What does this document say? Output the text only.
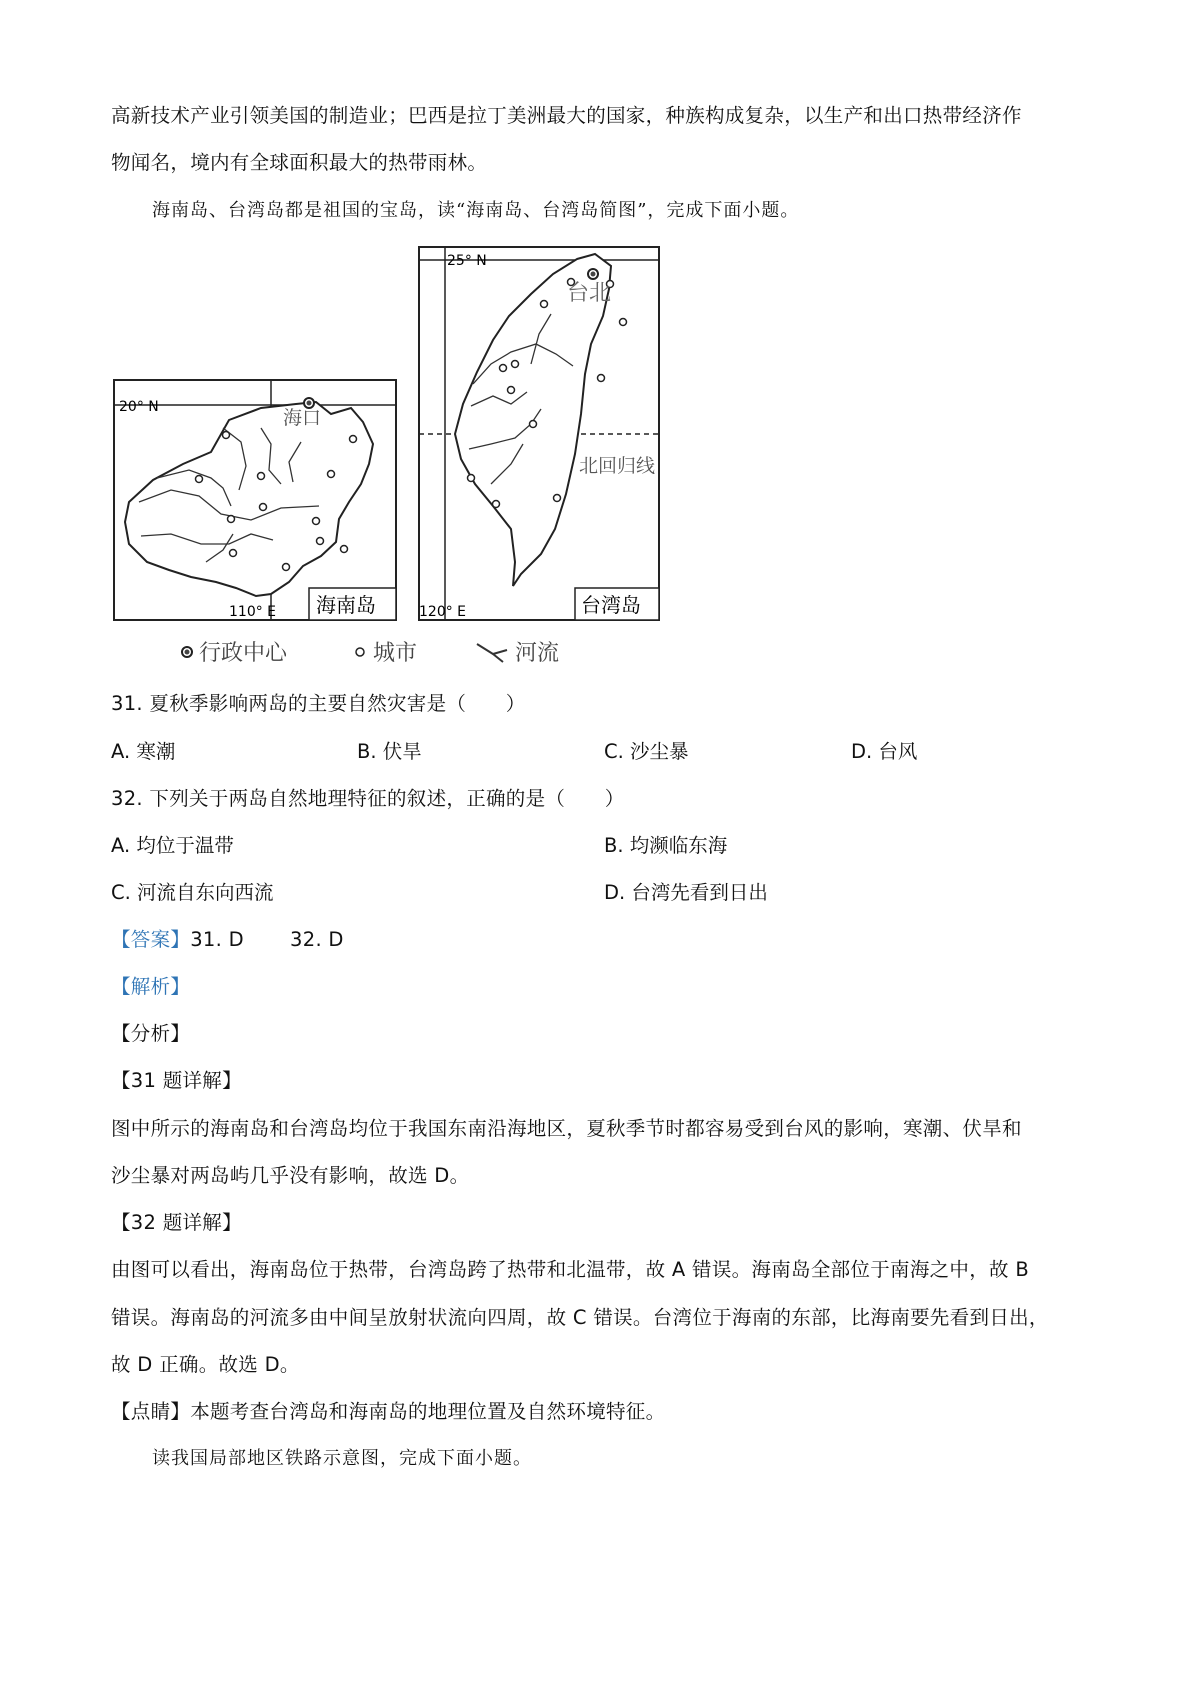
高新技术产业引领美国的制造业；巴西是拉丁美洲最大的国家，种族构成复杂，以生产和出口热带经济作
物闻名，境内有全球面积最大的热带雨林。
海南岛、台湾岛都是祖国的宝岛，读“海南岛、台湾岛简图”，完成下面小题。
20° N	海口
110° E 海南岛
25° N
台北
北回归线
120° E	台湾岛
行政中心	城市	河流
31. 夏秋季影响两岛的主要自然灾害是（　　）
A. 寒潮	B. 伏旱	C. 沙尘暴	D. 台风
32. 下列关于两岛自然地理特征的叙述，正确的是（　　）
A. 均位于温带	B. 均濒临东海
C. 河流自东向西流	D. 台湾先看到日出
【答案】31. D　　 32. D
【解析】
【分析】
【31 题详解】
图中所示的海南岛和台湾岛均位于我国东南沿海地区，夏秋季节时都容易受到台风的影响，寒潮、伏旱和
沙尘暴对两岛屿几乎没有影响，故选 D。
【32 题详解】
由图可以看出，海南岛位于热带，台湾岛跨了热带和北温带，故 A 错误。海南岛全部位于南海之中，故 B
错误。海南岛的河流多由中间呈放射状流向四周，故 C 错误。台湾位于海南的东部，比海南要先看到日出，
故 D 正确。故选 D。
【点睛】本题考查台湾岛和海南岛的地理位置及自然环境特征。
读我国局部地区铁路示意图，完成下面小题。
